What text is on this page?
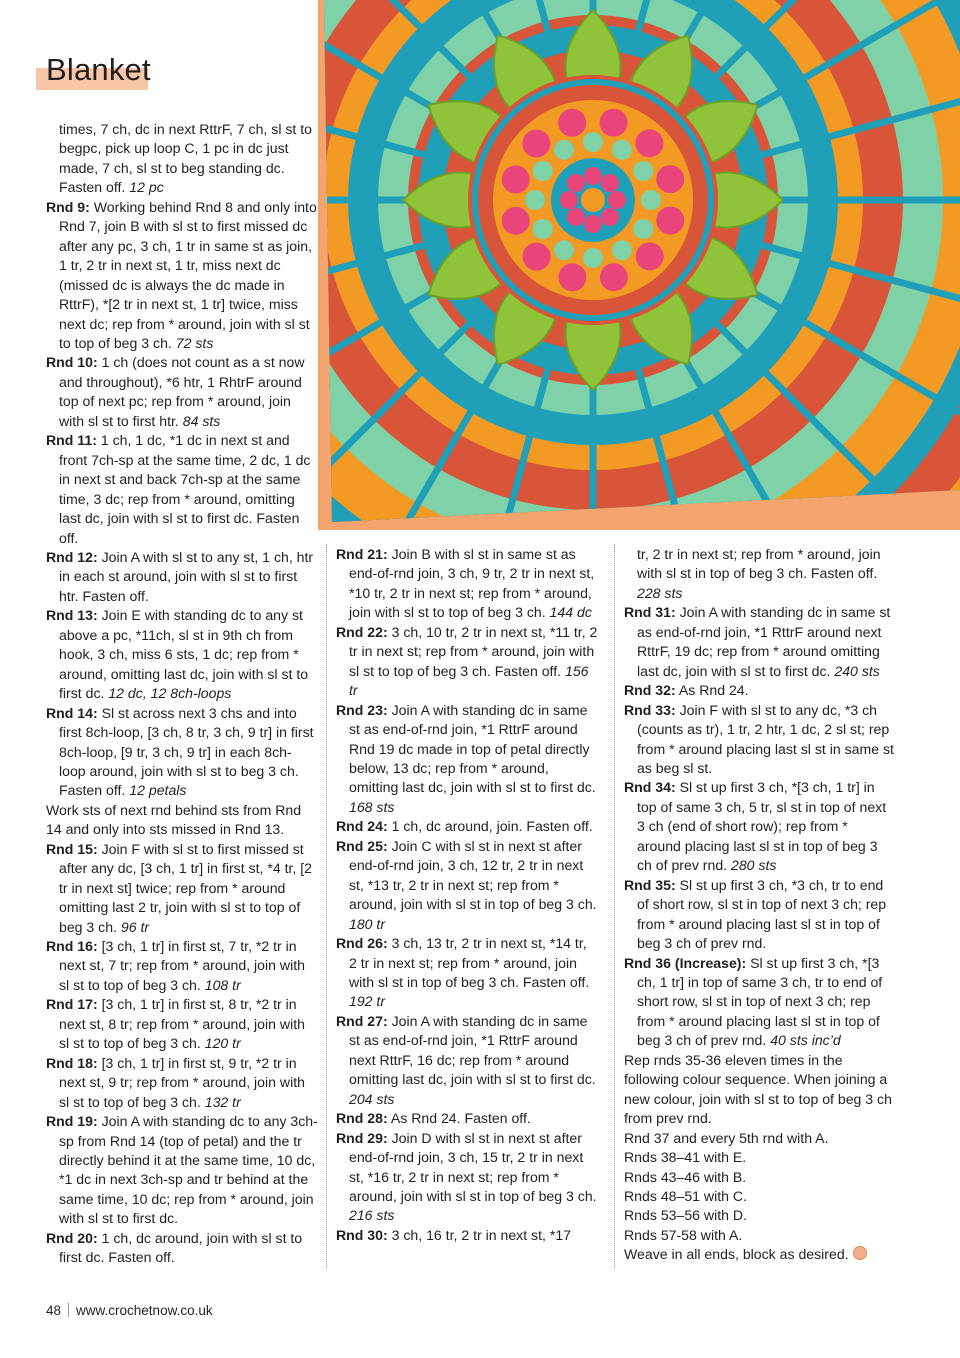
Blanket

times, 7 ch, dc in next RttrF, 7 ch, sl st to begpc, pick up loop C, 1 pc in dc just made, 7 ch, sl st to beg standing dc. Fasten off. 12 pc

Rnd 9: Working behind Rnd 8 and only into Rnd 7, join B with sl st to first missed dc after any pc, 3 ch, 1 tr in same st as join, 1 tr, 2 tr in next st, 1 tr, miss next dc (missed dc is always the dc made in RttrF), *[2 tr in next st, 1 tr] twice, miss next dc; rep from * around, join with sl st to top of beg 3 ch. 72 sts

Rnd 10: 1 ch (does not count as a st now and throughout), *6 htr, 1 RhtrF around top of next pc; rep from * around, join with sl st to first htr. 84 sts

Rnd 11: 1 ch, 1 dc, *1 dc in next st and front 7ch-sp at the same time, 2 dc, 1 dc in next st and back 7ch-sp at the same time, 3 dc; rep from * around, omitting last dc, join with sl st to first dc. Fasten off.

Rnd 12: Join A with sl st to any st, 1 ch, htr in each st around, join with sl st to first htr. Fasten off.

Rnd 13: Join E with standing dc to any st above a pc, *11ch, sl st in 9th ch from hook, 3 ch, miss 6 sts, 1 dc; rep from * around, omitting last dc, join with sl st to first dc. 12 dc, 12 8ch-loops

Rnd 14: Sl st across next 3 chs and into first 8ch-loop, [3 ch, 8 tr, 3 ch, 9 tr] in first 8ch-loop, [9 tr, 3 ch, 9 tr] in each 8ch-loop around, join with sl st to beg 3 ch. Fasten off. 12 petals

Work sts of next rnd behind sts from Rnd 14 and only into sts missed in Rnd 13.

Rnd 15: Join F with sl st to first missed st after any dc, [3 ch, 1 tr] in first st, *4 tr, [2 tr in next st] twice; rep from * around omitting last 2 tr, join with sl st to top of beg 3 ch. 96 tr

Rnd 16: [3 ch, 1 tr] in first st, 7 tr, *2 tr in next st, 7 tr; rep from * around, join with sl st to top of beg 3 ch. 108 tr

Rnd 17: [3 ch, 1 tr] in first st, 8 tr, *2 tr in next st, 8 tr; rep from * around, join with sl st to top of beg 3 ch. 120 tr

Rnd 18: [3 ch, 1 tr] in first st, 9 tr, *2 tr in next st, 9 tr; rep from * around, join with sl st to top of beg 3 ch. 132 tr

Rnd 19: Join A with standing dc to any 3ch-sp from Rnd 14 (top of petal) and the tr directly behind it at the same time, 10 dc, *1 dc in next 3ch-sp and tr behind at the same time, 10 dc; rep from * around, join with sl st to first dc.

Rnd 20: 1 ch, dc around, join with sl st to first dc. Fasten off.

Rnd 21: Join B with sl st in same st as end-of-rnd join, 3 ch, 9 tr, 2 tr in next st, *10 tr, 2 tr in next st; rep from * around, join with sl st to top of beg 3 ch. 144 dc

Rnd 22: 3 ch, 10 tr, 2 tr in next st, *11 tr, 2 tr in next st; rep from * around, join with sl st to top of beg 3 ch. Fasten off. 156 tr

Rnd 23: Join A with standing dc in same st as end-of-rnd join, *1 RttrF around Rnd 19 dc made in top of petal directly below, 13 dc; rep from * around, omitting last dc, join with sl st to first dc. 168 sts

Rnd 24: 1 ch, dc around, join. Fasten off.

Rnd 25: Join C with sl st in next st after end-of-rnd join, 3 ch, 12 tr, 2 tr in next st, *13 tr, 2 tr in next st; rep from * around, join with sl st in top of beg 3 ch. 180 tr

Rnd 26: 3 ch, 13 tr, 2 tr in next st, *14 tr, 2 tr in next st; rep from * around, join with sl st in top of beg 3 ch. Fasten off. 192 tr

Rnd 27: Join A with standing dc in same st as end-of-rnd join, *1 RttrF around next RttrF, 16 dc; rep from * around omitting last dc, join with sl st to first dc. 204 sts

Rnd 28: As Rnd 24. Fasten off.

Rnd 29: Join D with sl st in next st after end-of-rnd join, 3 ch, 15 tr, 2 tr in next st, *16 tr, 2 tr in next st; rep from * around, join with sl st in top of beg 3 ch. 216 sts

Rnd 30: 3 ch, 16 tr, 2 tr in next st, *17

tr, 2 tr in next st; rep from * around, join with sl st in top of beg 3 ch. Fasten off. 228 sts

Rnd 31: Join A with standing dc in same st as end-of-rnd join, *1 RttrF around next RttrF, 19 dc; rep from * around omitting last dc, join with sl st to first dc. 240 sts

Rnd 32: As Rnd 24.

Rnd 33: Join F with sl st to any dc, *3 ch (counts as tr), 1 tr, 2 htr, 1 dc, 2 sl st; rep from * around placing last sl st in same st as beg sl st.

Rnd 34: Sl st up first 3 ch, *[3 ch, 1 tr] in top of same 3 ch, 5 tr, sl st in top of next 3 ch (end of short row); rep from * around placing last sl st in top of beg 3 ch of prev rnd. 280 sts

Rnd 35: Sl st up first 3 ch, *3 ch, tr to end of short row, sl st in top of next 3 ch; rep from * around placing last sl st in top of beg 3 ch of prev rnd.

Rnd 36 (Increase): Sl st up first 3 ch, *[3 ch, 1 tr] in top of same 3 ch, tr to end of short row, sl st in top of next 3 ch; rep from * around placing last sl st in top of beg 3 ch of prev rnd. 40 sts inc’d

Rep rnds 35-36 eleven times in the following colour sequence. When joining a new colour, join with sl st to top of beg 3 ch from prev rnd.

Rnd 37 and every 5th rnd with A.

Rnds 38–41 with E.

Rnds 43–46 with B.

Rnds 48–51 with C.

Rnds 53–56 with D.

Rnds 57-58 with A.

Weave in all ends, block as desired.

48 www.crochetnow.co.uk
